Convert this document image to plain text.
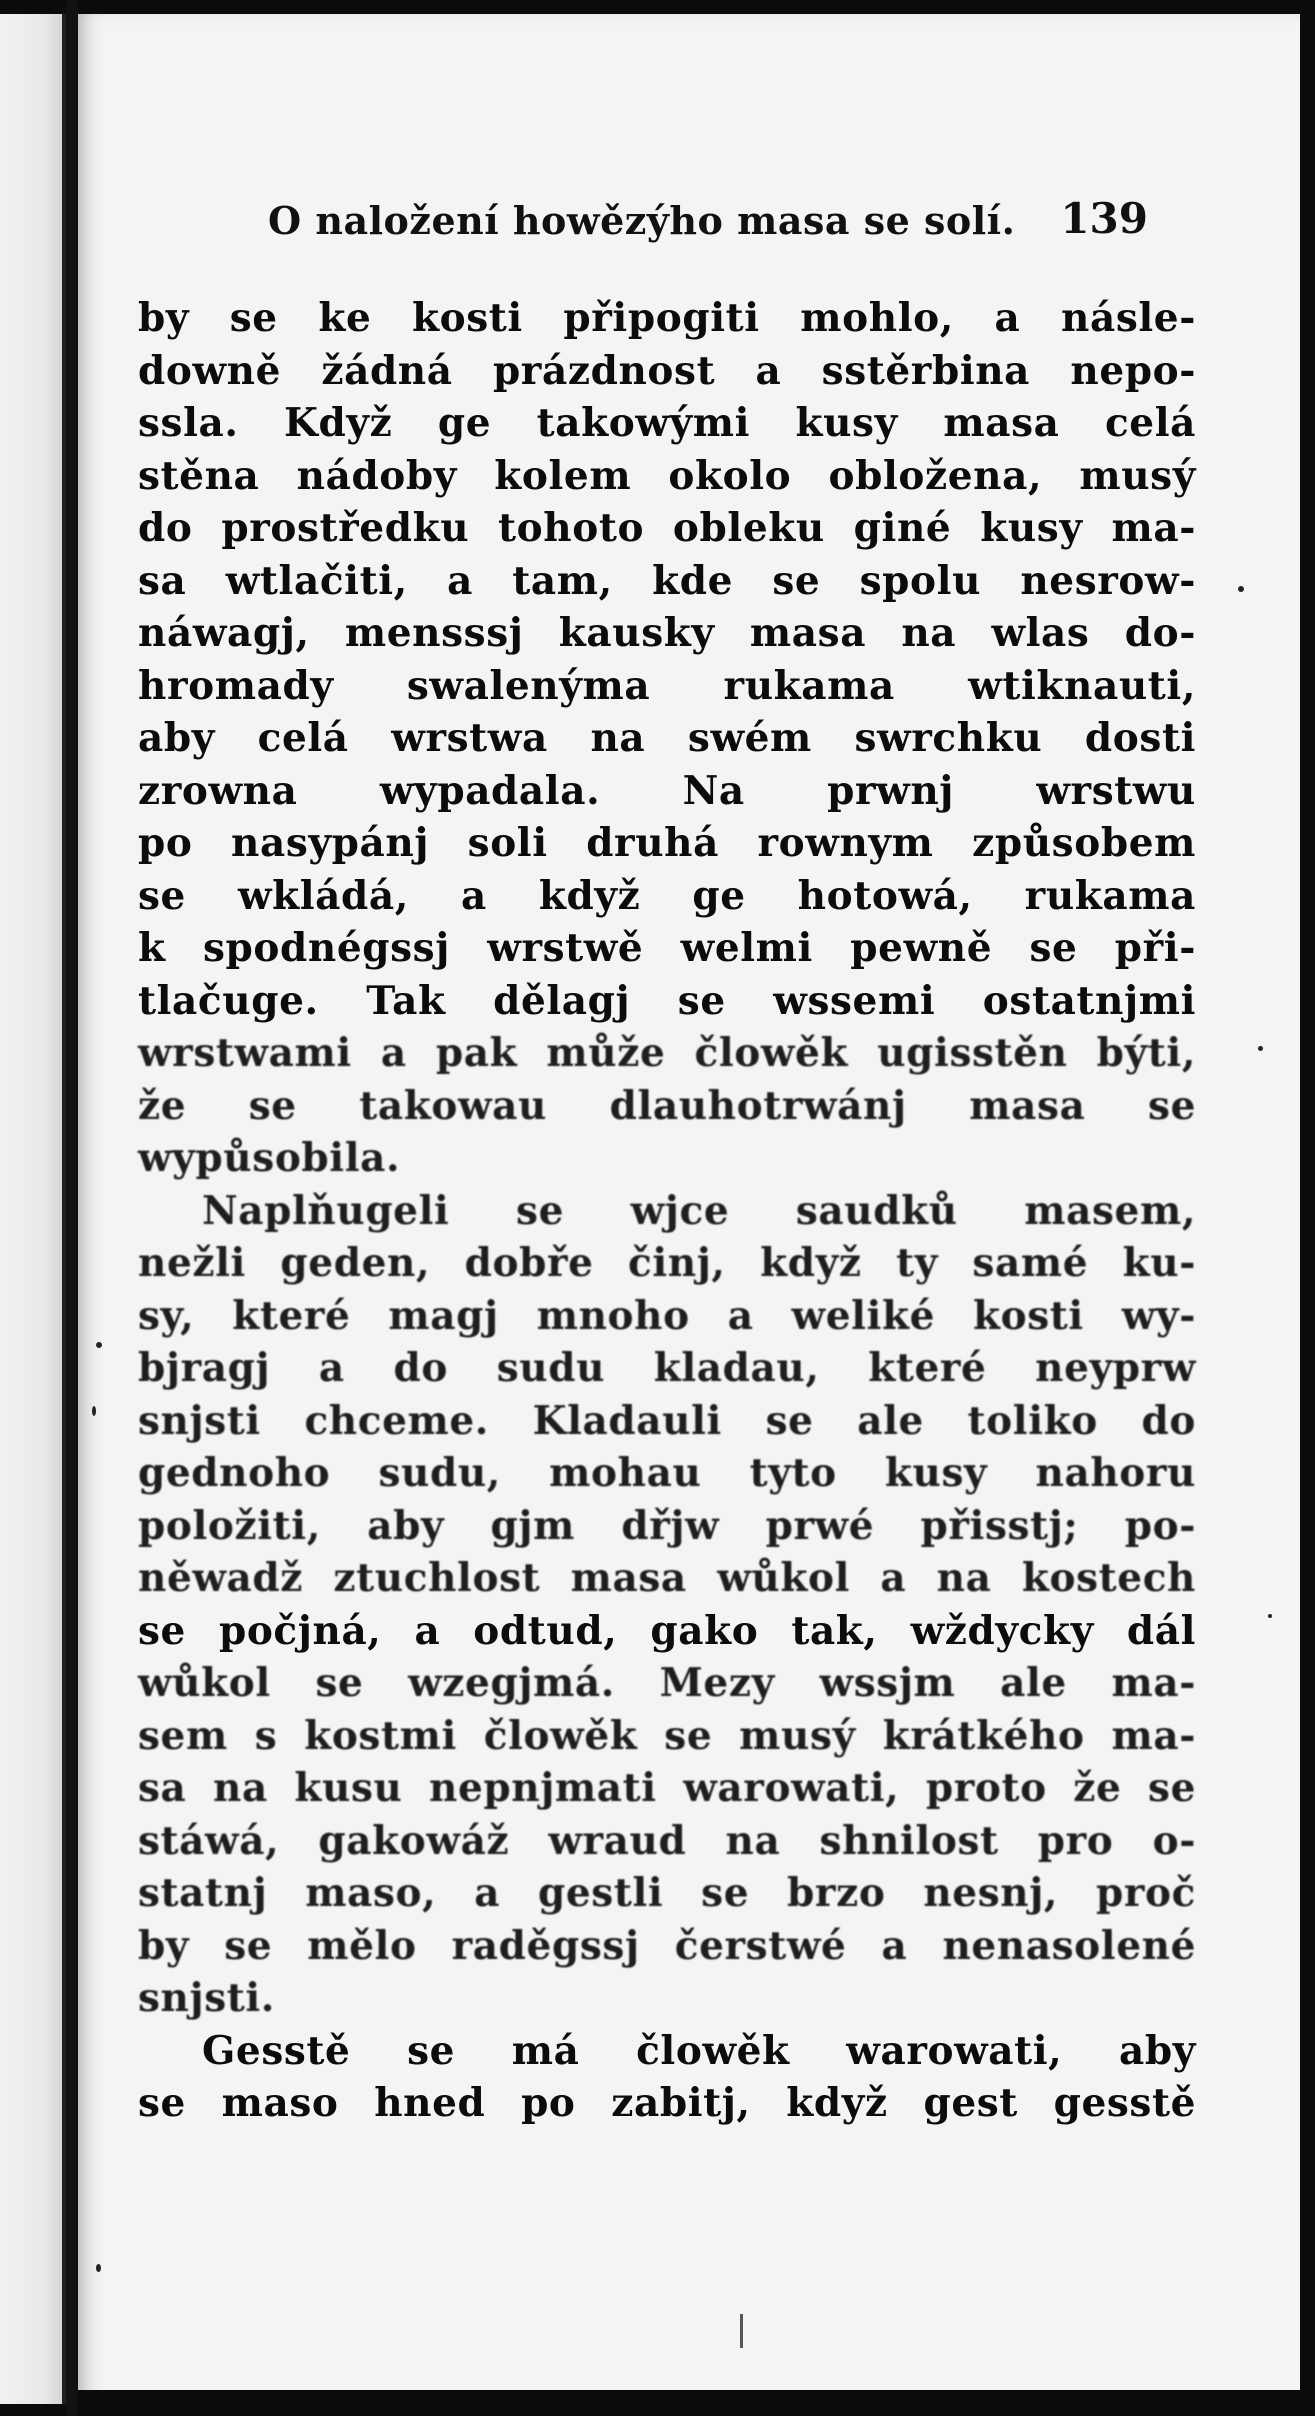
O naložení howězýho masa se solí. 139
by se ke kosti připogiti mohlo, a násle-
downě žádná prázdnost a sstěrbina nepo-
ssla. Když ge takowými kusy masa celá
stěna nádoby kolem okolo obložena, musý
do prostředku tohoto obleku giné kusy ma-
sa wtlačiti, a tam, kde se spolu nesrow-
náwagj, mensssj kausky masa na wlas do-
hromady swalenýma rukama wtiknauti,
aby celá wrstwa na swém swrchku dosti
zrowna wypadala. Na prwnj wrstwu
po nasypánj soli druhá rownym způsobem
se wkládá, a když ge hotowá, rukama
k spodnégssj wrstwě welmi pewně se při-
tlačuge. Tak dělagj se wssemi ostatnjmi
wrstwami a pak může člowěk ugisstěn býti,
že se takowau dlauhotrwánj masa se
wypůsobila.
Naplňugeli se wjce saudků masem,
nežli geden, dobře činj, když ty samé ku-
sy, které magj mnoho a weliké kosti wy-
bjragj a do sudu kladau, které neyprw
snjsti chceme. Kladauli se ale toliko do
gednoho sudu, mohau tyto kusy nahoru
položiti, aby gjm dřjw prwé přisstj; po-
něwadž ztuchlost masa wůkol a na kostech
se počjná, a odtud, gako tak, wždycky dál
wůkol se wzegjmá. Mezy wssjm ale ma-
sem s kostmi člowěk se musý krátkého ma-
sa na kusu nepnjmati warowati, proto že se
stáwá, gakowáž wraud na shnilost pro o-
statnj maso, a gestli se brzo nesnj, proč
by se mělo raděgssj čerstwé a nenasolené
snjsti.
Gesstě se má člowěk warowati, aby
se maso hned po zabitj, když gest gesstě
